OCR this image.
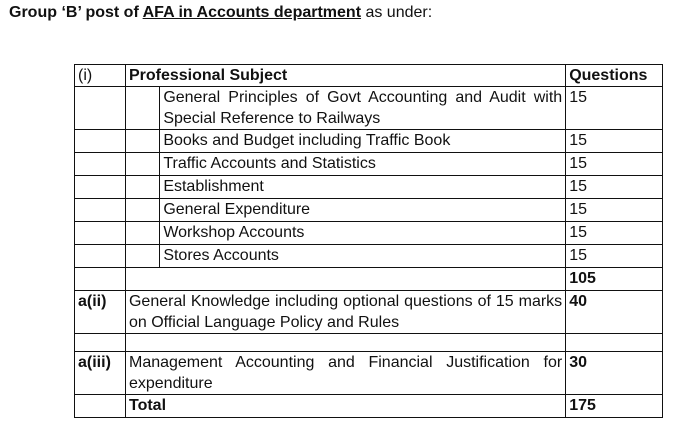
Group ‘B’ post of AFA in Accounts department as under:
(i)	Professional Subject		Questions
		General Principles of Govt Accounting and Audit with Special Reference to Railways	15
		Books and Budget including Traffic Book	15
		Traffic Accounts and Statistics	15
		Establishment	15
		General Expenditure	15
		Workshop Accounts	15
		Stores Accounts	15
			105
a(ii)	General Knowledge including optional questions of 15 marks on Official Language Policy and Rules		40

a(iii)	Management Accounting and Financial Justification for expenditure		30
	Total		175
